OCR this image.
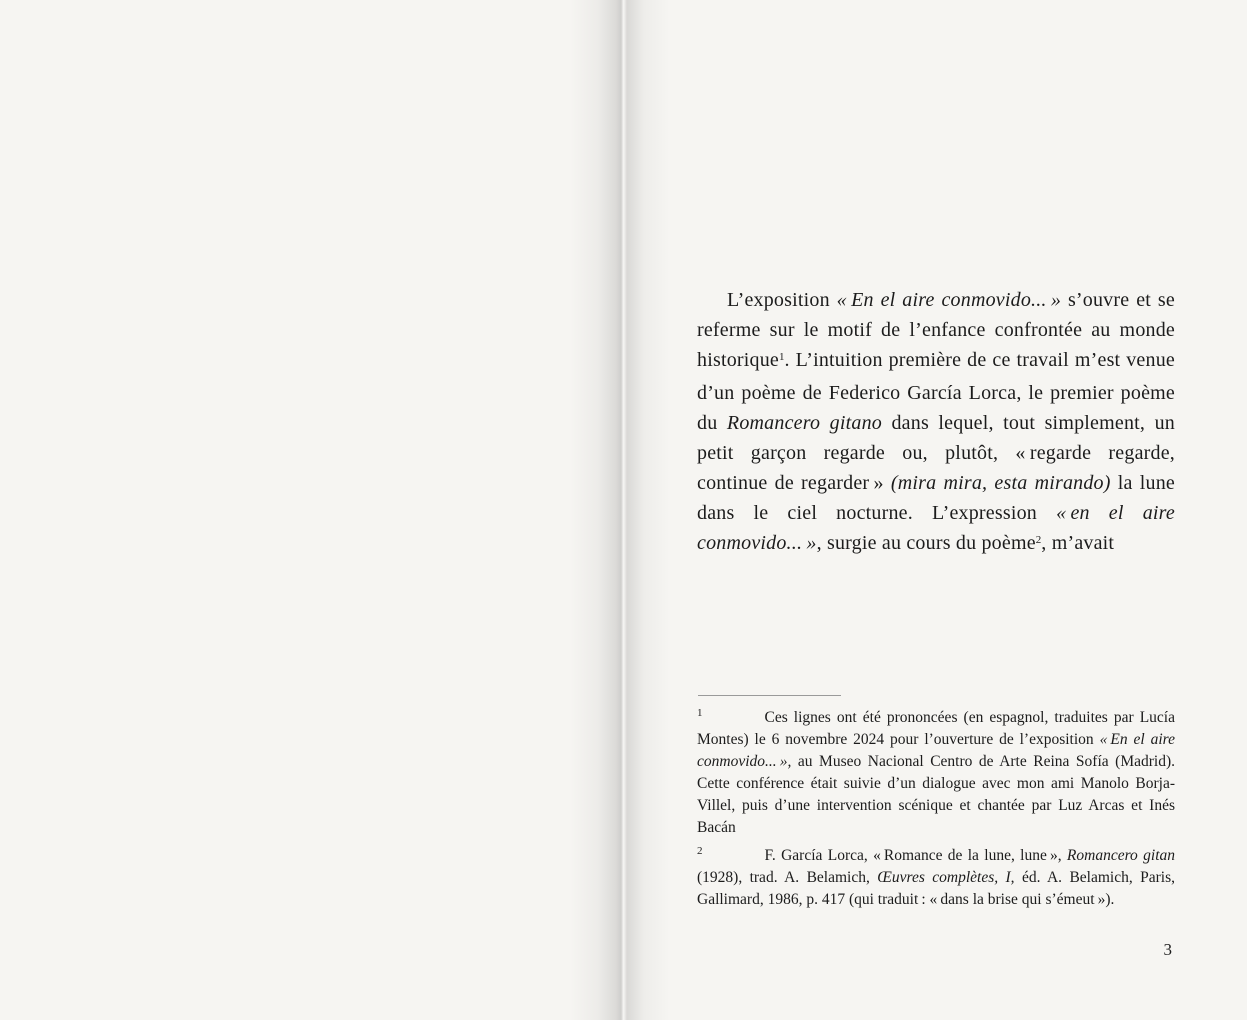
L’exposition « En el aire conmovido... » s’ouvre et se referme sur le motif de l’enfance confrontée au monde historique$^1$. L’intuition première de ce travail m’est venue d’un poème de Federico García Lorca, le premier poème du Romancero gitano dans lequel, tout simplement, un petit garçon regarde ou, plutôt, « regarde regarde, continue de regarder » (mira mira, esta mirando) la lune dans le ciel nocturne. L’expression « en el aire conmovido... », surgie au cours du poème$^2$, m’avait

$^1$	Ces lignes ont été prononcées (en espagnol, traduites par Lucía Montes) le 6 novembre 2024 pour l’ouverture de l’exposition « En el aire conmovido... », au Museo Nacional Centro de Arte Reina Sofía (Madrid). Cette conférence était suivie d’un dialogue avec mon ami Manolo Borja-Villel, puis d’une intervention scénique et chantée par Luz Arcas et Inés Bacán

$^2$	F. García Lorca, « Romance de la lune, lune », Romancero gitan (1928), trad. A. Belamich, Œuvres complètes, I, éd. A. Belamich, Paris, Gallimard, 1986, p. 417 (qui traduit : « dans la brise qui s’émeut »).

3
